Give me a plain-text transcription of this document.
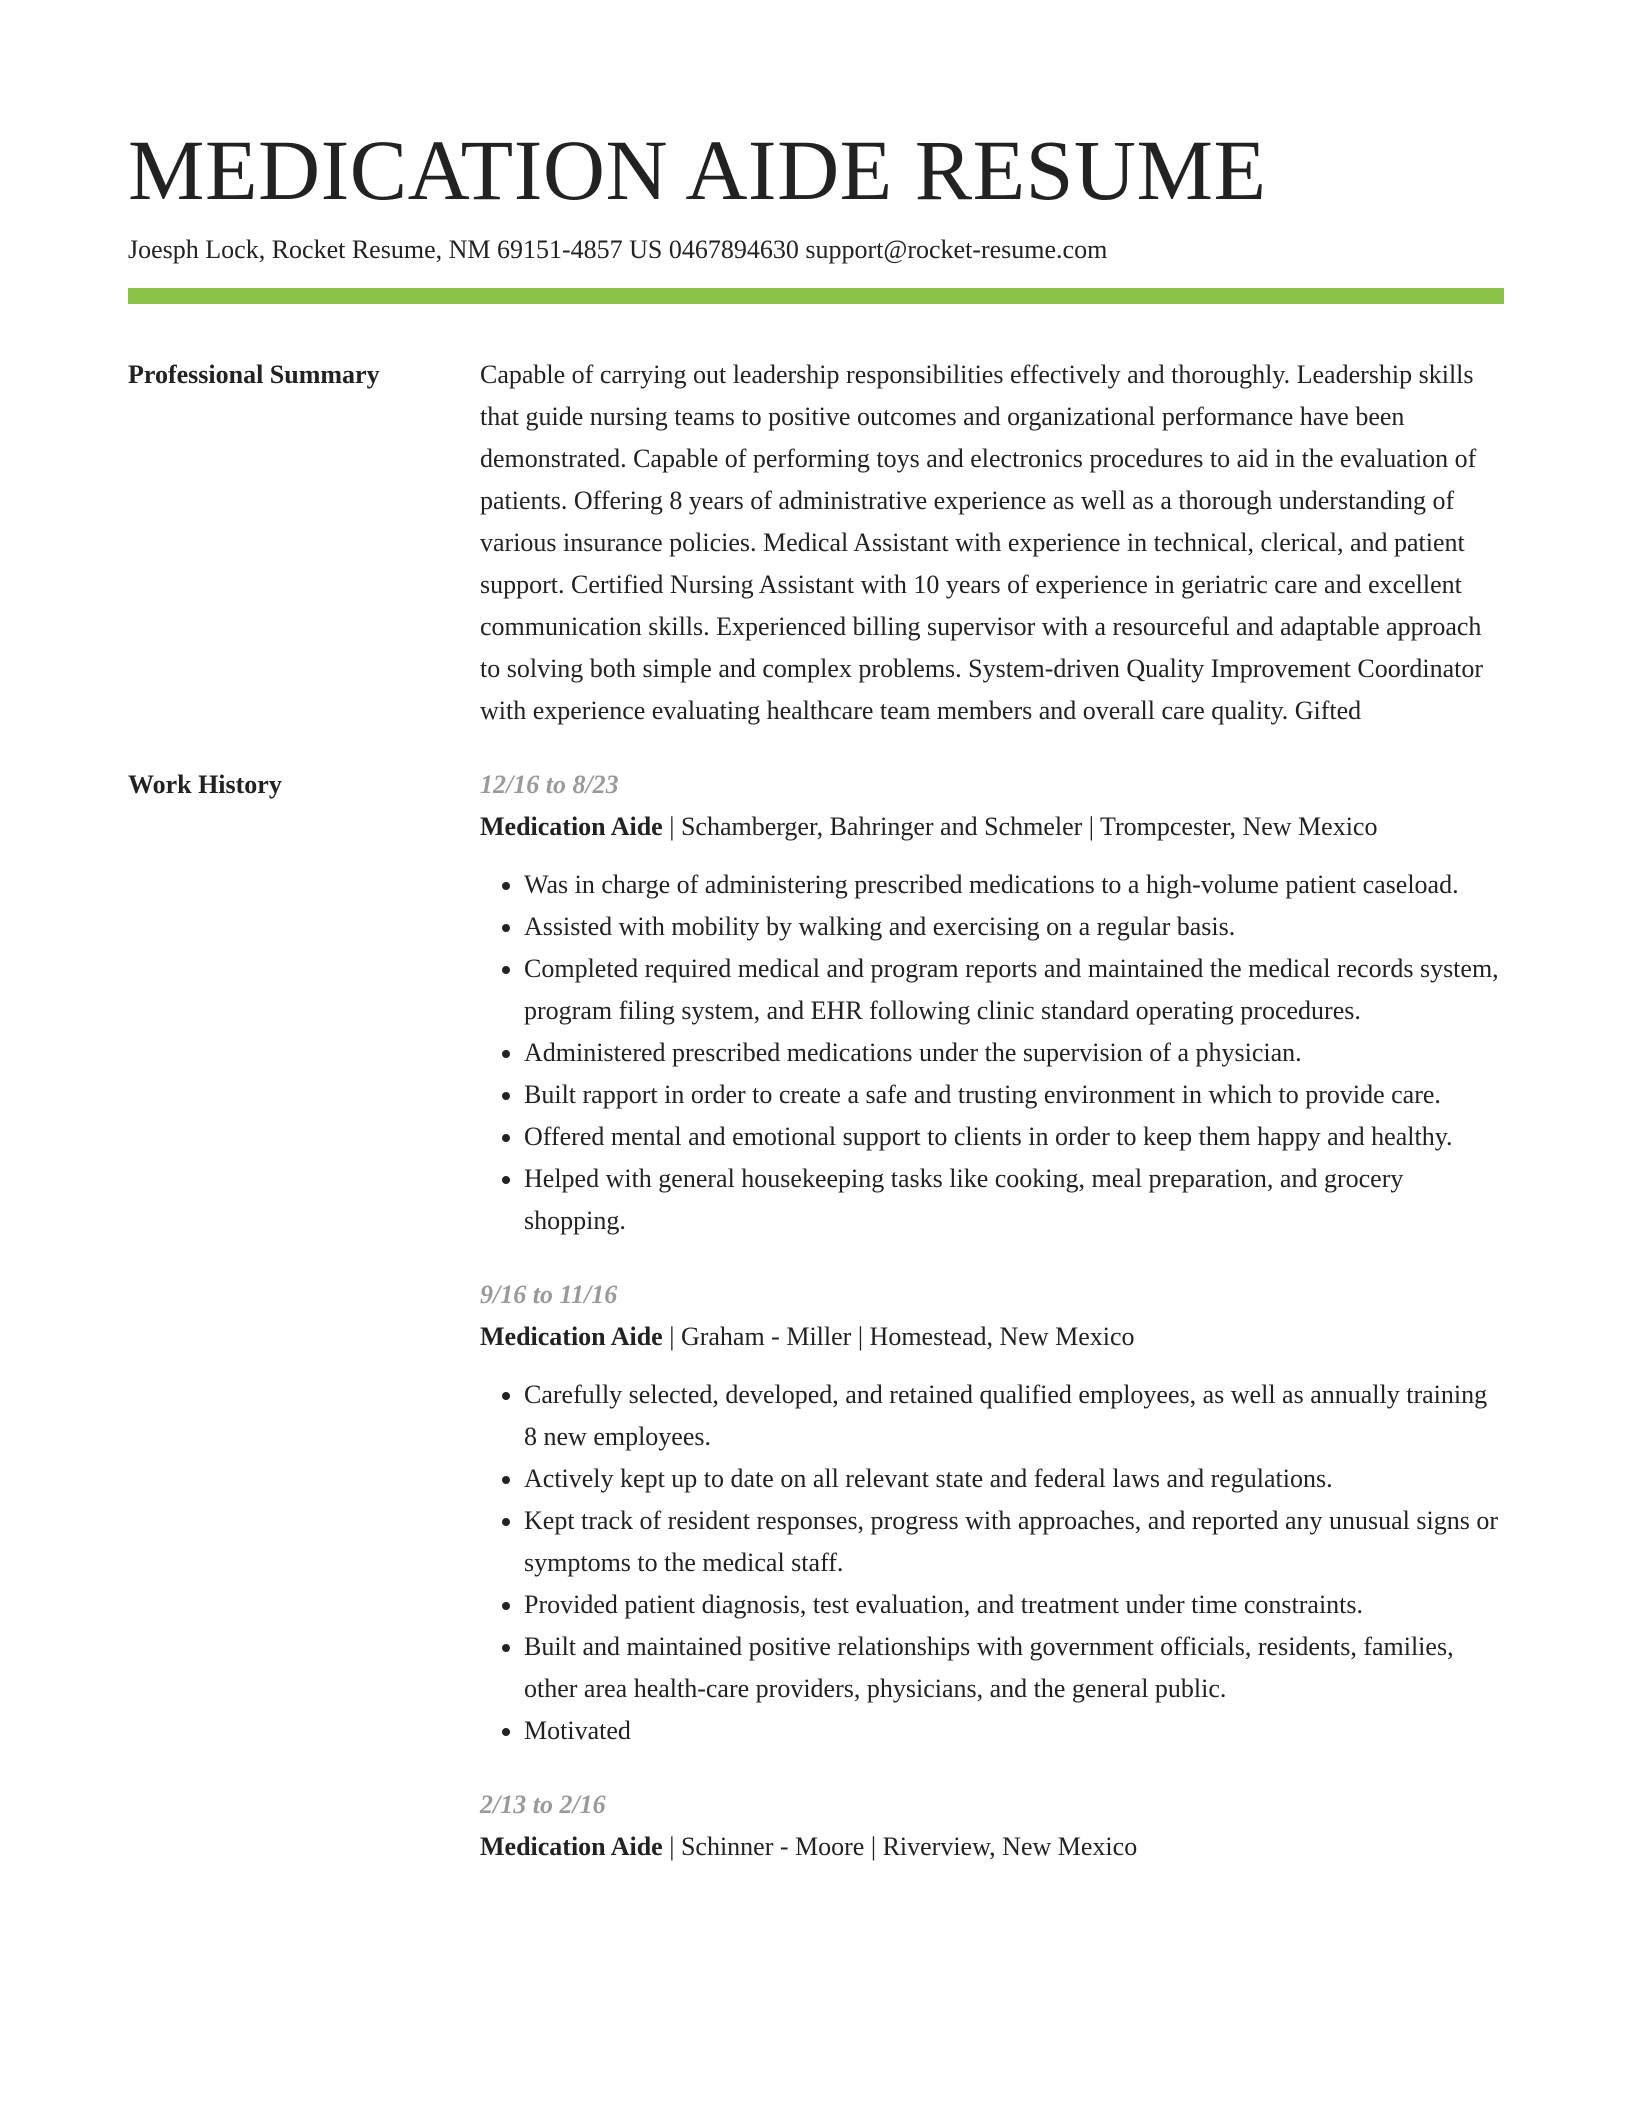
MEDICATION AIDE RESUME
Joesph Lock, Rocket Resume, NM 69151-4857 US 0467894630 support@rocket-resume.com
Professional Summary	Capable of carrying out leadership responsibilities effectively and thoroughly. Leadership skills that guide nursing teams to positive outcomes and organizational performance have been demonstrated. Capable of performing toys and electronics procedures to aid in the evaluation of patients. Offering 8 years of administrative experience as well as a thorough understanding of various insurance policies. Medical Assistant with experience in technical, clerical, and patient support. Certified Nursing Assistant with 10 years of experience in geriatric care and excellent communication skills. Experienced billing supervisor with a resourceful and adaptable approach to solving both simple and complex problems. System-driven Quality Improvement Coordinator with experience evaluating healthcare team members and overall care quality. Gifted

Work History	12/16 to 8/23
Medication Aide | Schamberger, Bahringer and Schmeler | Trompcester, New Mexico
• Was in charge of administering prescribed medications to a high-volume patient caseload.
• Assisted with mobility by walking and exercising on a regular basis.
• Completed required medical and program reports and maintained the medical records system, program filing system, and EHR following clinic standard operating procedures.
• Administered prescribed medications under the supervision of a physician.
• Built rapport in order to create a safe and trusting environment in which to provide care.
• Offered mental and emotional support to clients in order to keep them happy and healthy.
• Helped with general housekeeping tasks like cooking, meal preparation, and grocery shopping.
9/16 to 11/16
Medication Aide | Graham - Miller | Homestead, New Mexico
• Carefully selected, developed, and retained qualified employees, as well as annually training 8 new employees.
• Actively kept up to date on all relevant state and federal laws and regulations.
• Kept track of resident responses, progress with approaches, and reported any unusual signs or symptoms to the medical staff.
• Provided patient diagnosis, test evaluation, and treatment under time constraints.
• Built and maintained positive relationships with government officials, residents, families, other area health-care providers, physicians, and the general public.
• Motivated
2/13 to 2/16
Medication Aide | Schinner - Moore | Riverview, New Mexico
